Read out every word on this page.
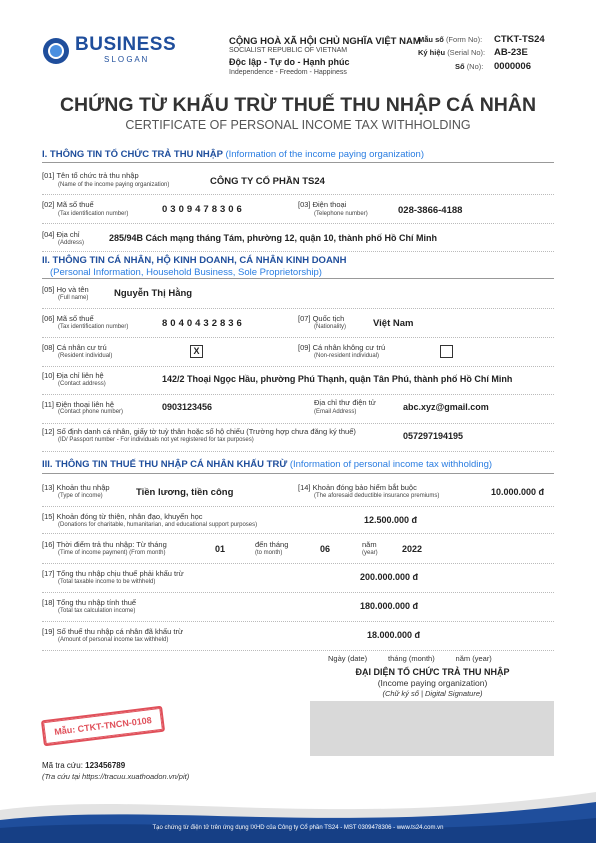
BUSINESS
S L O G A N
CỘNG HOÀ XÃ HỘI CHỦ NGHĨA VIỆT NAM
SOCIALIST REPUBLIC OF VIETNAM
Độc lập - Tự do - Hạnh phúc
Independence - Freedom - Happiness
Mẫu số (Form No):	CTKT-TS24
Ký hiệu (Serial No): AB-23E
Số (No):	0000006
CHỨNG TỪ KHẤU TRỪ THUẾ THU NHẬP CÁ NHÂN
CERTIFICATE OF PERSONAL INCOME TAX WITHHOLDING
I. THÔNG TIN TỔ CHỨC TRẢ THU NHẬP (Information of the income paying organization)
[01] Tên tổ chức trả thu nhập
(Name of the income paying organization)	CÔNG TY CỔ PHẦN TS24
[02] Mã số thuế
(Tax identification number)	0309478306	[03] Điện thoại
(Telephone number)	028-3866-4188
[04] Địa chỉ
(Address)	285/94B Cách mạng tháng Tám, phường 12, quận 10, thành phố Hồ Chí Minh
II. THÔNG TIN CÁ NHÂN, HỘ KINH DOANH, CÁ NHÂN KINH DOANH
(Personal Information, Household Business, Sole Proprietorship)
[05] Họ và tên
(Full name)	Nguyễn Thị Hằng
[06] Mã số thuế
(Tax identification number)	8040432836	[07] Quốc tịch
(Nationality)	Việt Nam
[08] Cá nhân cư trú
(Resident individual)	X	[09] Cá nhân không cư trú
(Non-resident individual)
[10] Địa chỉ liên hệ
(Contact address)	142/2 Thoại Ngọc Hầu, phường Phú Thạnh, quận Tân Phú, thành phố Hồ Chí Minh
[11] Điện thoại liên hệ
(Contact phone number)	0903123456	Địa chỉ thư điện tử
(Email Address)	abc.xyz@gmail.com
[12] Số định danh cá nhân, giấy tờ tuỳ thân hoặc số hộ chiếu (Trường hợp chưa đăng ký thuế)
(ID/ Passport number - For individuals not yet registered for tax purposes)	057297194195
III. THÔNG TIN THUẾ THU NHẬP CÁ NHÂN KHẤU TRỪ (Information of personal income tax withholding)
[13] Khoản thu nhập
(Type of income)	Tiền lương, tiền công	[14] Khoản đóng bảo hiểm bắt buộc
(The aforesaid deductible insurance premiums)	10.000.000 đ
[15] Khoản đóng từ thiện, nhân đạo, khuyến học
(Donations for charitable, humanitarian, and educational support purposes)	12.500.000 đ
[16] Thời điểm trả thu nhập: Từ tháng
(Time of income payment) (From month)	01	đến tháng
(to month)	06	năm
(year)	2022
[17] Tổng thu nhập chịu thuế phải khấu trừ
(Total taxable income to be withheld)	200.000.000 đ
[18] Tổng thu nhập tính thuế
(Total tax calculation income)	180.000.000 đ
[19] Số thuế thu nhập cá nhân đã khấu trừ
(Amount of personal income tax withheld)	18.000.000 đ
Ngày (date)          tháng (month)          năm (year)
ĐẠI DIỆN TỔ CHỨC TRẢ THU NHẬP
(Income paying organization)
(Chữ ký số | Digital Signature)
Mẫu: CTKT-TNCN-0108
Mã tra cứu: 123456789
(Tra cứu tại https://tracuu.xuathoadon.vn/pit)
Tạo chứng từ điện tử trên ứng dụng IXHD của Công ty Cổ phần TS24 - MST 0309478306 - www.ts24.com.vn
